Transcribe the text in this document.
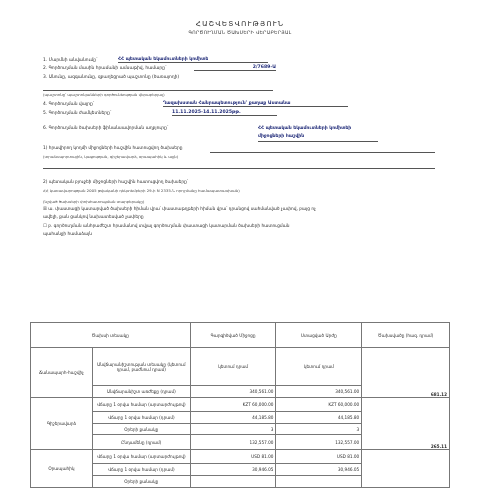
ՀԱՇՎԵՏՎՈՒԹՅՈՒՆ
ԳՈՐԾՈՒՂՄԱՆ ԾԱԽՍԵՐԻ ՎԵՐԱԲԵՐՅԱԼ
1. Մարմնի անվանումը`	ՀՀ պետական եկամուտների կոմիտե
2. Գործուղման մասին հրամանի ամսաթիվ, համարը`	2/7689-Ա
3. Անունը, ազգանունը, զբաղեցրած պաշտոնը (ծառայողի)
(պաշտոնը՝ պաշտոնյանների գործունեության վերաբերյալ)
4. Գործուղման վայրը`	Ղազախստան Հանրապետություն՝ քաղաք Աստանա
5. Գործուղման ժամկետները`	11.11.2025-14.11.2025թթ.
6. Գործուղման ծախսերի ֆինանսավորման աղբյուրը`	ՀՀ պետական եկամուտների կոմիտեի միջոցների հաշվին
1) հրավիրող կողմի միջոցների հաշվին հատուցվող ծախսերը
(տրանսպորտային, կացության, գիշերավարձ, օրապահիկ և այլն)
2) պետական բյուջեի միջոցների հաշվին հատուցվող ծախսերը`
ՀՀ կառավարության 2005 թվականի դեկտեմբերի 29-ի N 2335-Ն որոշմանը համապատասխան)
(նշված ծախսերի փոխհատուցման տարբերակը)
☒ ա. փաստացի կատարված ծախսերի հիման վրա՝ փաստաթղթերի հիման վրա՝ դրանցով սահմանված չափով, բայց ոչ
ավելի, քան ցանկով նախատեսված չափերը
☐ բ. գործուղման անհրաժեշտ հրամանով տվյալ գործուղման փաստացի կատարման ծախսերի հատուցման
պահանջի համաձայն
Ծախսի տեսակը		Գարգիծված Միջոցը	Ստացված Արժը	Ծախսվածը (հազ. դրամ)
Ճանապարհ-հաշվիչ	Անվճարանիշտության տեսակը (կետում դրամ, բաժնում դրամ)	կետում դրամ	կետում դրամ	681.12
	Անվճարանիշտ առժեքը (դրամ)	340,561.00	340,561.00	
Գիշերավարձ	Վճարը 1 օրվա համար (արտարժույթով)	KZT 60,000.00	KZT 60,000.00	265.11
	Վճարը 1 օրվա համար (դրամ)	44,185.80	44,185.80	
	Օրերի քանակը	3	3	
	Ընդամենը (դրամ)	132,557.00	132,557.00	
Օրապահիկ	Վճարը 1 օրվա համար (արտարժույթով)	USD 81.00	USD 81.00	
	Վճարը 1 օրվա համար (դրամ)	30,946.05	30,946.05	
	Օրերի քանակը			
